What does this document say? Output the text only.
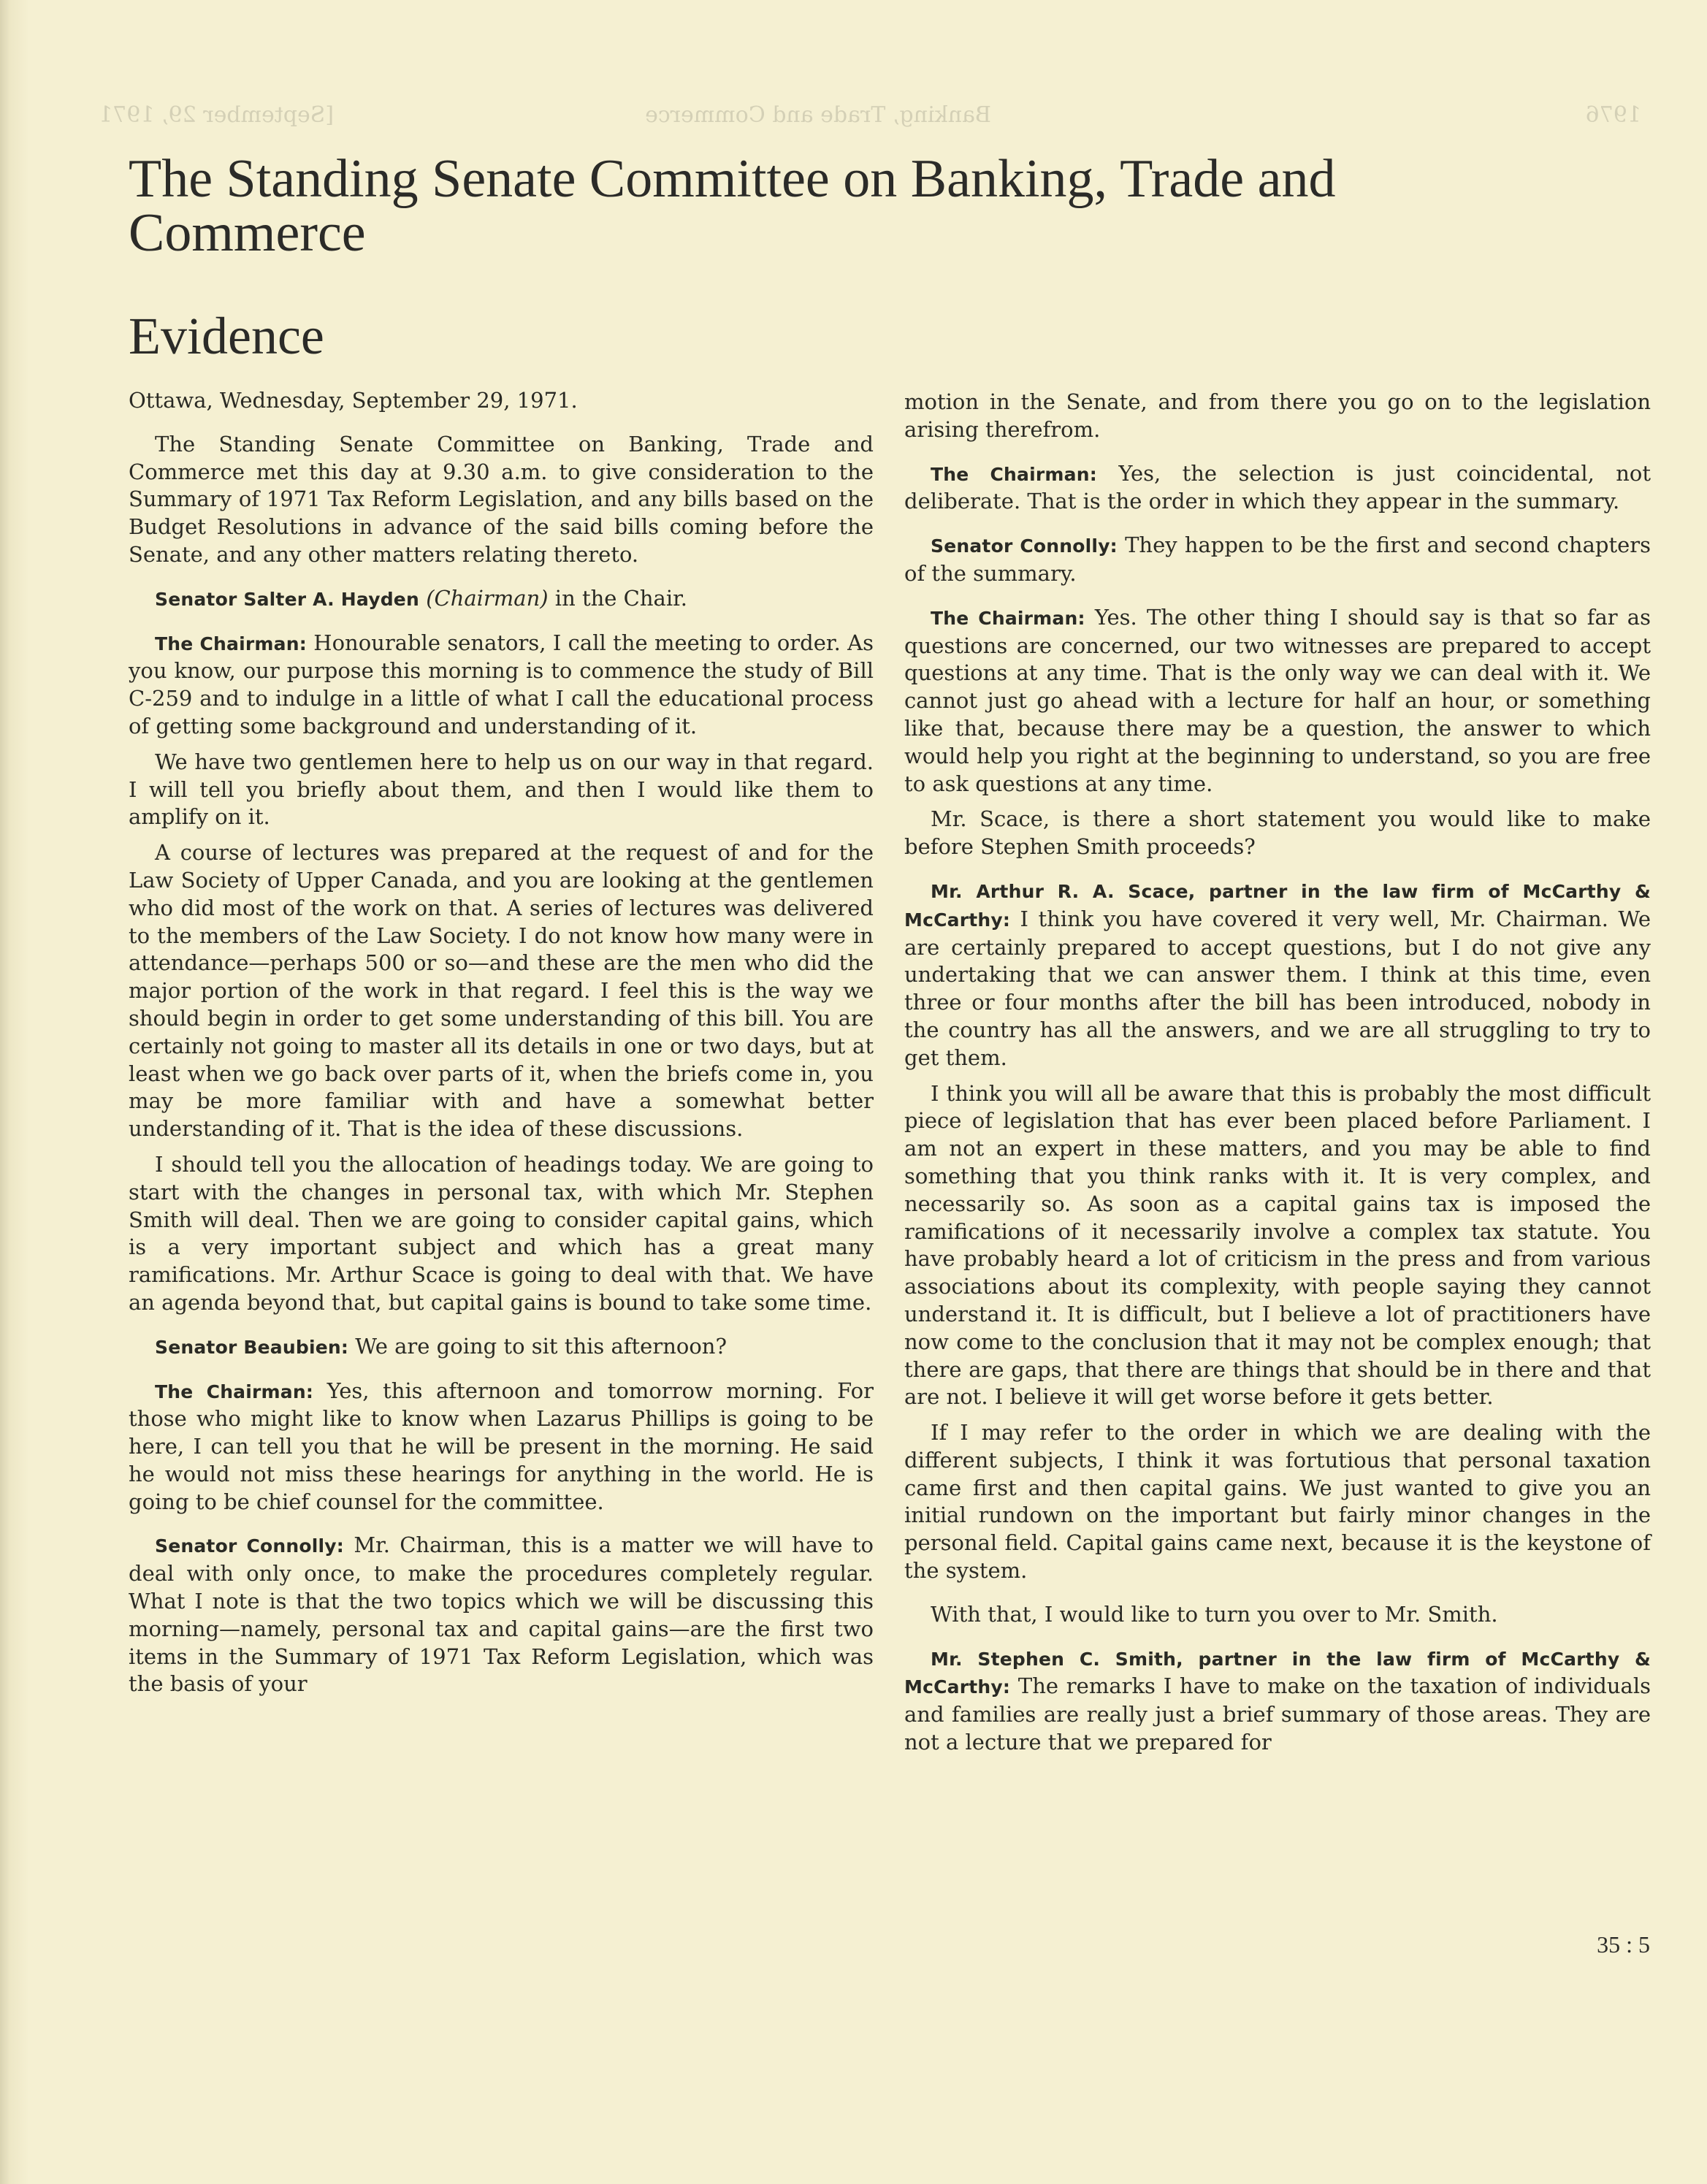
1976
Banking, Trade and Commerce
[September 29, 1971
The Standing Senate Committee on Banking, Trade and Commerce
Evidence

Ottawa, Wednesday, September 29, 1971.

The Standing Senate Committee on Banking, Trade and Commerce met this day at 9.30 a.m. to give consideration to the Summary of 1971 Tax Reform Legislation, and any bills based on the Budget Resolutions in advance of the said bills coming before the Senate, and any other matters relating thereto.

Senator Salter A. Hayden (Chairman) in the Chair.

The Chairman: Honourable senators, I call the meeting to order. As you know, our purpose this morning is to commence the study of Bill C-259 and to indulge in a little of what I call the educational process of getting some background and understanding of it.

We have two gentlemen here to help us on our way in that regard. I will tell you briefly about them, and then I would like them to amplify on it.

A course of lectures was prepared at the request of and for the Law Society of Upper Canada, and you are looking at the gentlemen who did most of the work on that. A series of lectures was delivered to the members of the Law Society. I do not know how many were in attendance—perhaps 500 or so—and these are the men who did the major portion of the work in that regard. I feel this is the way we should begin in order to get some understanding of this bill. You are certainly not going to master all its details in one or two days, but at least when we go back over parts of it, when the briefs come in, you may be more familiar with and have a somewhat better understanding of it. That is the idea of these discussions.

I should tell you the allocation of headings today. We are going to start with the changes in personal tax, with which Mr. Stephen Smith will deal. Then we are going to consider capital gains, which is a very important subject and which has a great many ramifications. Mr. Arthur Scace is going to deal with that. We have an agenda beyond that, but capital gains is bound to take some time.

Senator Beaubien: We are going to sit this afternoon?

The Chairman: Yes, this afternoon and tomorrow morning. For those who might like to know when Lazarus Phillips is going to be here, I can tell you that he will be present in the morning. He said he would not miss these hearings for anything in the world. He is going to be chief counsel for the committee.

Senator Connolly: Mr. Chairman, this is a matter we will have to deal with only once, to make the procedures completely regular. What I note is that the two topics which we will be discussing this morning—namely, personal tax and capital gains—are the first two items in the Summary of 1971 Tax Reform Legislation, which was the basis of your

motion in the Senate, and from there you go on to the legislation arising therefrom.

The Chairman: Yes, the selection is just coincidental, not deliberate. That is the order in which they appear in the summary.

Senator Connolly: They happen to be the first and second chapters of the summary.

The Chairman: Yes. The other thing I should say is that so far as questions are concerned, our two witnesses are prepared to accept questions at any time. That is the only way we can deal with it. We cannot just go ahead with a lecture for half an hour, or something like that, because there may be a question, the answer to which would help you right at the beginning to understand, so you are free to ask questions at any time.

Mr. Scace, is there a short statement you would like to make before Stephen Smith proceeds?

Mr. Arthur R. A. Scace, partner in the law firm of McCarthy & McCarthy: I think you have covered it very well, Mr. Chairman. We are certainly prepared to accept questions, but I do not give any undertaking that we can answer them. I think at this time, even three or four months after the bill has been introduced, nobody in the country has all the answers, and we are all struggling to try to get them.

I think you will all be aware that this is probably the most difficult piece of legislation that has ever been placed before Parliament. I am not an expert in these matters, and you may be able to find something that you think ranks with it. It is very complex, and necessarily so. As soon as a capital gains tax is imposed the ramifications of it necessarily involve a complex tax statute. You have probably heard a lot of criticism in the press and from various associations about its complexity, with people saying they cannot understand it. It is difficult, but I believe a lot of practitioners have now come to the conclusion that it may not be complex enough; that there are gaps, that there are things that should be in there and that are not. I believe it will get worse before it gets better.

If I may refer to the order in which we are dealing with the different subjects, I think it was fortutious that personal taxation came first and then capital gains. We just wanted to give you an initial rundown on the important but fairly minor changes in the personal field. Capital gains came next, because it is the keystone of the system.

With that, I would like to turn you over to Mr. Smith.

Mr. Stephen C. Smith, partner in the law firm of McCarthy & McCarthy: The remarks I have to make on the taxation of individuals and families are really just a brief summary of those areas. They are not a lecture that we prepared for

35 : 5
